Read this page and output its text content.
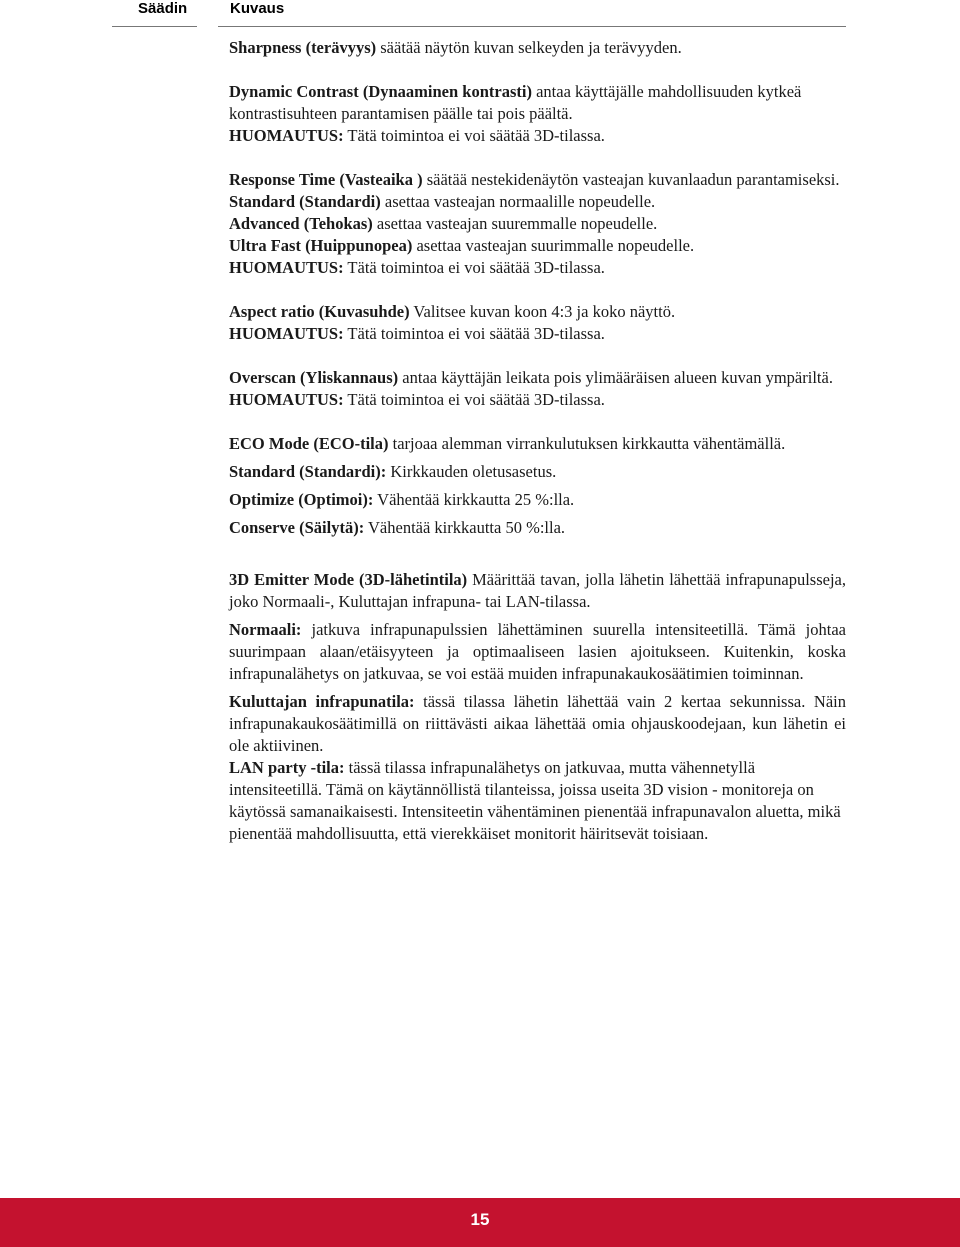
Säädin	Kuvaus

Sharpness (terävyys) säätää näytön kuvan selkeyden ja terävyyden.

Dynamic Contrast (Dynaaminen kontrasti) antaa käyttäjälle mahdollisuuden kytkeä kontrastisuhteen parantamisen päälle tai pois päältä.

HUOMAUTUS: Tätä toimintoa ei voi säätää 3D-tilassa.

Response Time (Vasteaika ) säätää nestekidenäytön vasteajan kuvanlaadun parantamiseksi.

Standard (Standardi) asettaa vasteajan normaalille nopeudelle.

Advanced (Tehokas) asettaa vasteajan suuremmalle nopeudelle.

Ultra Fast (Huippunopea) asettaa vasteajan suurimmalle nopeudelle.

HUOMAUTUS: Tätä toimintoa ei voi säätää 3D-tilassa.

Aspect ratio (Kuvasuhde) Valitsee kuvan koon 4:3 ja koko näyttö.

HUOMAUTUS: Tätä toimintoa ei voi säätää 3D-tilassa.

Overscan (Yliskannaus) antaa käyttäjän leikata pois ylimääräisen alueen kuvan ympäriltä.

HUOMAUTUS: Tätä toimintoa ei voi säätää 3D-tilassa.

ECO Mode (ECO-tila) tarjoaa alemman virrankulutuksen kirkkautta vähentämällä.

Standard (Standardi): Kirkkauden oletusasetus.

Optimize (Optimoi): Vähentää kirkkautta 25 %:lla.

Conserve (Säilytä): Vähentää kirkkautta 50 %:lla.

3D Emitter Mode (3D-lähetintila) Määrittää tavan, jolla lähetin lähettää infrapunapulsseja, joko Normaali-, Kuluttajan infrapuna- tai LAN-tilassa.

Normaali: jatkuva infrapunapulssien lähettäminen suurella intensiteetillä. Tämä johtaa suurimpaan alaan/etäisyyteen ja optimaaliseen lasien ajoitukseen. Kuitenkin, koska infrapunalähetys on jatkuvaa, se voi estää muiden infrapunakaukosäätimien toiminnan.

Kuluttajan infrapunatila: tässä tilassa lähetin lähettää vain 2 kertaa sekunnissa. Näin infrapunakaukosäätimillä on riittävästi aikaa lähettää omia ohjauskoodejaan, kun lähetin ei ole aktiivinen.

LAN party -tila: tässä tilassa infrapunalähetys on jatkuvaa, mutta vähennetyllä intensiteetillä. Tämä on käytännöllistä tilanteissa, joissa useita 3D vision - monitoreja on käytössä samanaikaisesti. Intensiteetin vähentäminen pienentää infrapunavalon aluetta, mikä pienentää mahdollisuutta, että vierekkäiset monitorit häiritsevät toisiaan.

15
